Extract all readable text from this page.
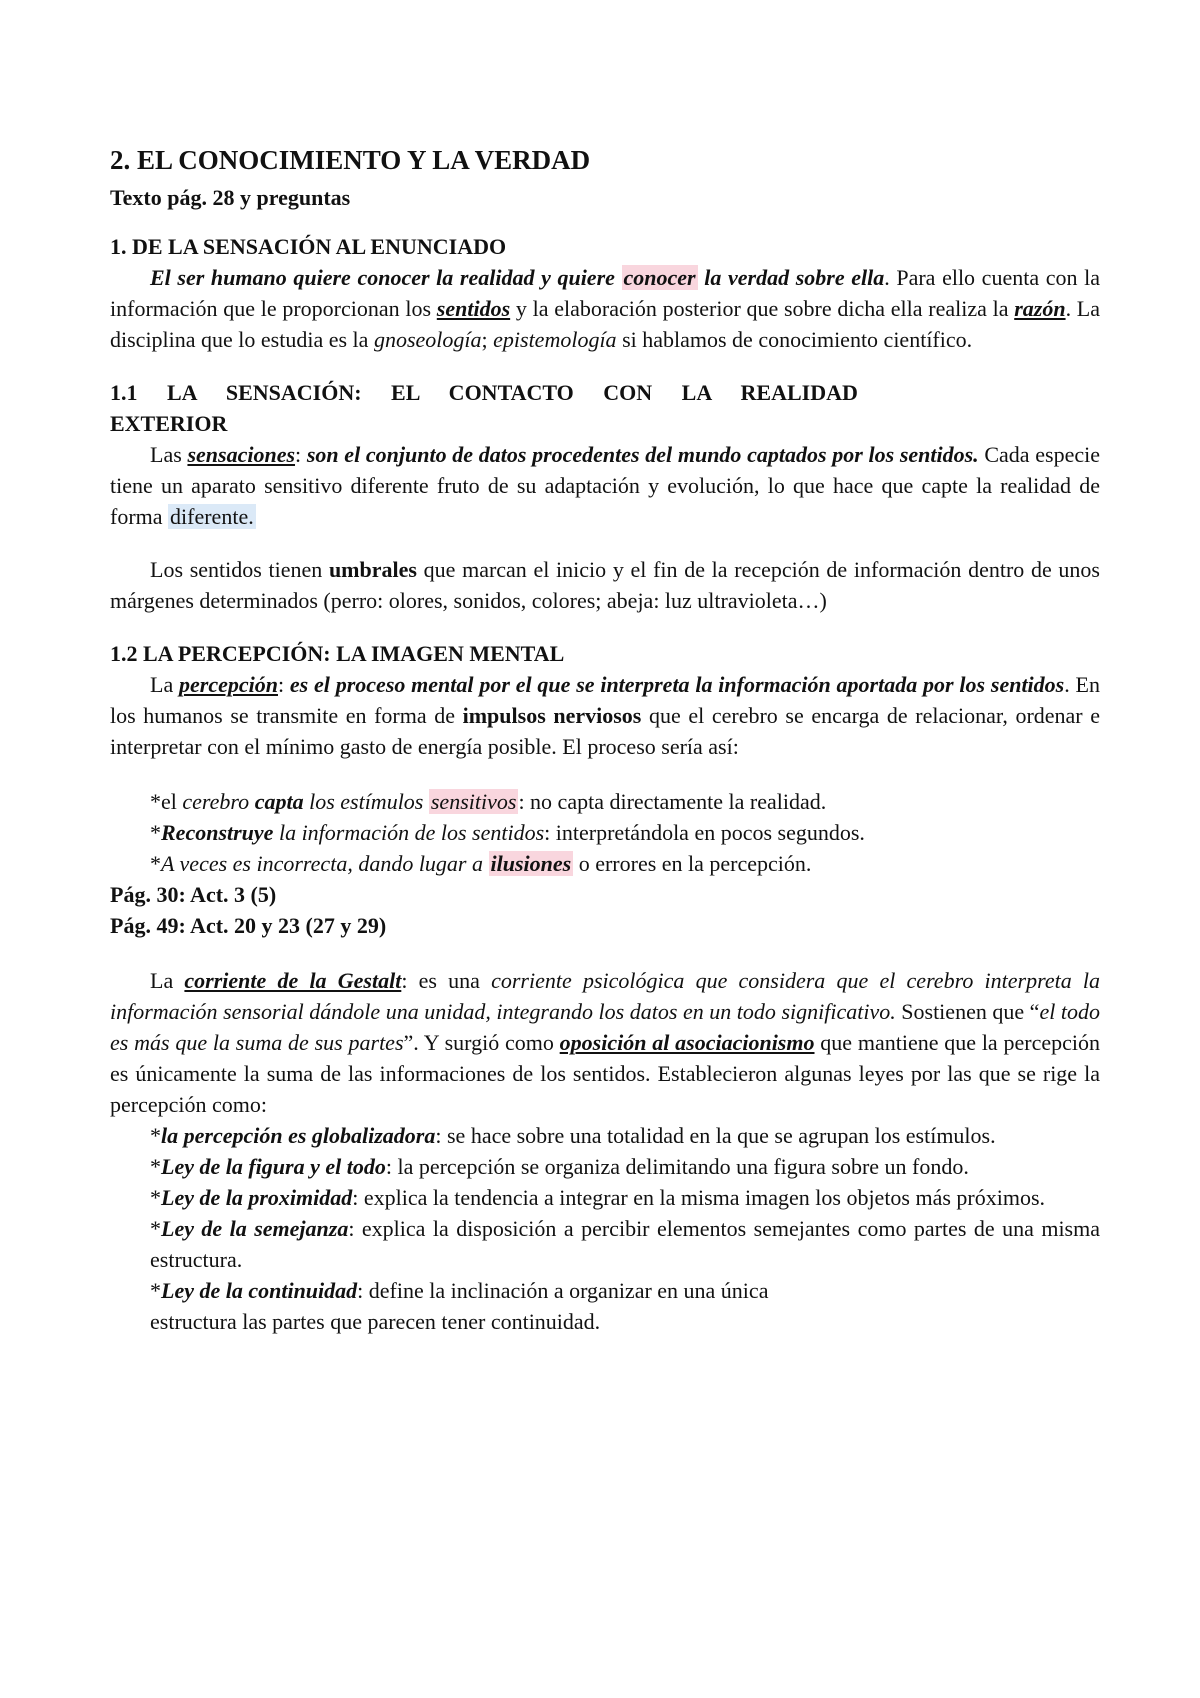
2. EL CONOCIMIENTO Y LA VERDAD
Texto pág. 28 y preguntas
1. DE LA SENSACIÓN AL ENUNCIADO

El ser humano quiere conocer la realidad y quiere conocer la verdad sobre ella. Para ello cuenta con la información que le proporcionan los sentidos y la elaboración posterior que sobre dicha ella realiza la razón. La disciplina que lo estudia es la gnoseología; epistemología si hablamos de conocimiento científico.

1.1 LA SENSACIÓN: EL CONTACTO CON LA REALIDAD
EXTERIOR

Las sensaciones: son el conjunto de datos procedentes del mundo captados por los sentidos. Cada especie tiene un aparato sensitivo diferente fruto de su adaptación y evolución, lo que hace que capte la realidad de forma diferente.

Los sentidos tienen umbrales que marcan el inicio y el fin de la recepción de información dentro de unos márgenes determinados (perro: olores, sonidos, colores; abeja: luz ultravioleta…)

1.2 LA PERCEPCIÓN: LA IMAGEN MENTAL

La percepción: es el proceso mental por el que se interpreta la información aportada por los sentidos. En los humanos se transmite en forma de impulsos nerviosos que el cerebro se encarga de relacionar, ordenar e interpretar con el mínimo gasto de energía posible. El proceso sería así:

*el cerebro capta los estímulos sensitivos: no capta directamente la realidad.

*Reconstruye la información de los sentidos: interpretándola en pocos segundos.

*A veces es incorrecta, dando lugar a ilusiones o errores en la percepción.

Pág. 30: Act. 3 (5)
Pág. 49: Act. 20 y 23 (27 y 29)

La corriente de la Gestalt: es una corriente psicológica que considera que el cerebro interpreta la información sensorial dándole una unidad, integrando los datos en un todo significativo. Sostienen que “el todo es más que la suma de sus partes”. Y surgió como oposición al asociacionismo que mantiene que la percepción es únicamente la suma de las informaciones de los sentidos. Establecieron algunas leyes por las que se rige la percepción como:

*la percepción es globalizadora: se hace sobre una totalidad en la que se agrupan los estímulos.

*Ley de la figura y el todo: la percepción se organiza delimitando una figura sobre un fondo.

*Ley de la proximidad: explica la tendencia a integrar en la misma imagen los objetos más próximos.

*Ley de la semejanza: explica la disposición a percibir elementos semejantes como partes de una misma estructura.

*Ley de la continuidad: define la inclinación a organizar en una única
estructura las partes que parecen tener continuidad.
